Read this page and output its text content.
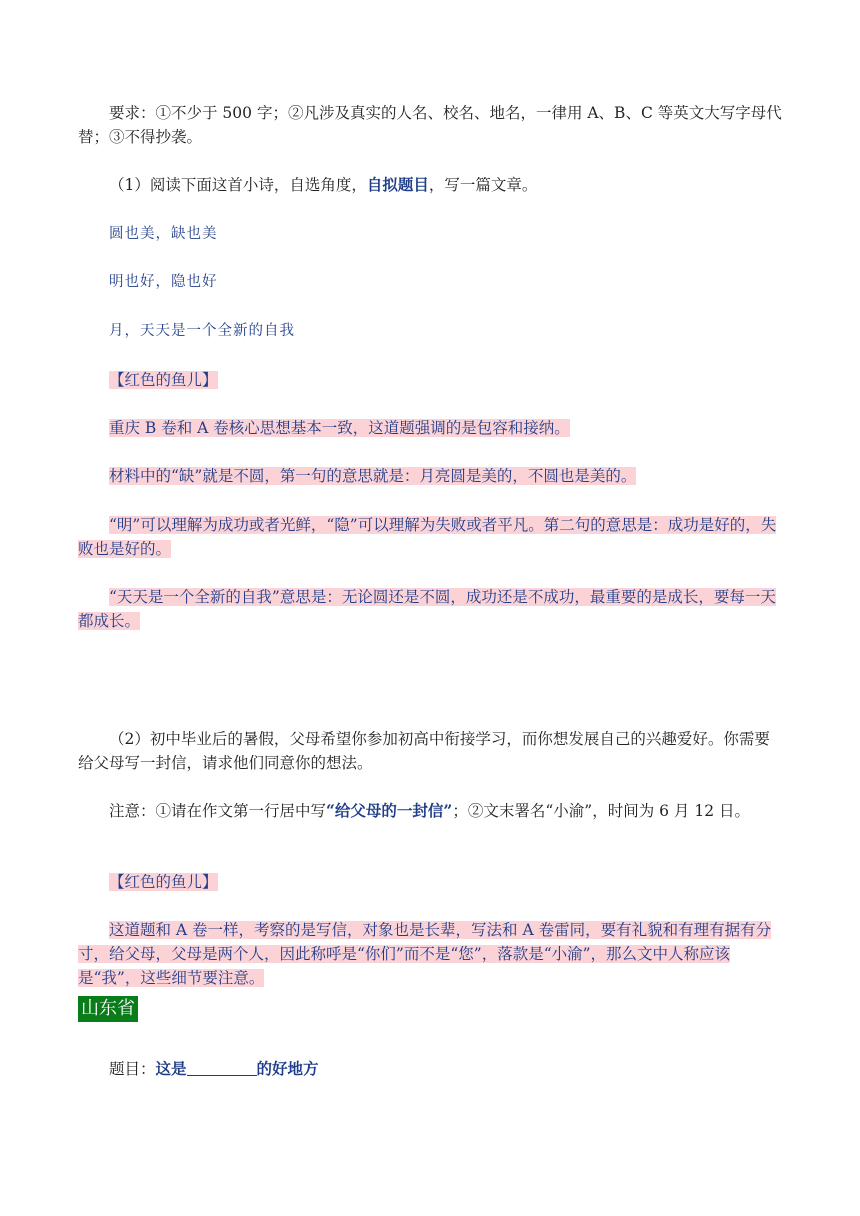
要求：①不少于 500 字；②凡涉及真实的人名、校名、地名，一律用 A、B、C 等英文大写字母代替；③不得抄袭。

（1）阅读下面这首小诗，自选角度，自拟题目，写一篇文章。

圆也美，缺也美

明也好，隐也好

月，天天是一个全新的自我

【红色的鱼儿】

重庆 B 卷和 A 卷核心思想基本一致，这道题强调的是包容和接纳。

材料中的“缺”就是不圆，第一句的意思就是：月亮圆是美的，不圆也是美的。

“明”可以理解为成功或者光鲜，“隐”可以理解为失败或者平凡。第二句的意思是：成功是好的，失败也是好的。

“天天是一个全新的自我”意思是：无论圆还是不圆，成功还是不成功，最重要的是成长，要每一天都成长。

（2）初中毕业后的暑假，父母希望你参加初高中衔接学习，而你想发展自己的兴趣爱好。你需要给父母写一封信，请求他们同意你的想法。

注意：①请在作文第一行居中写“给父母的一封信”；②文末署名“小渝”，时间为 6 月 12 日。

【红色的鱼儿】

这道题和 A 卷一样，考察的是写信，对象也是长辈，写法和 A 卷雷同，要有礼貌和有理有据有分寸，给父母，父母是两个人，因此称呼是“你们”而不是“您”，落款是“小渝”，那么文中人称应该是“我”，这些细节要注意。

山东省

题目：这是	的好地方
